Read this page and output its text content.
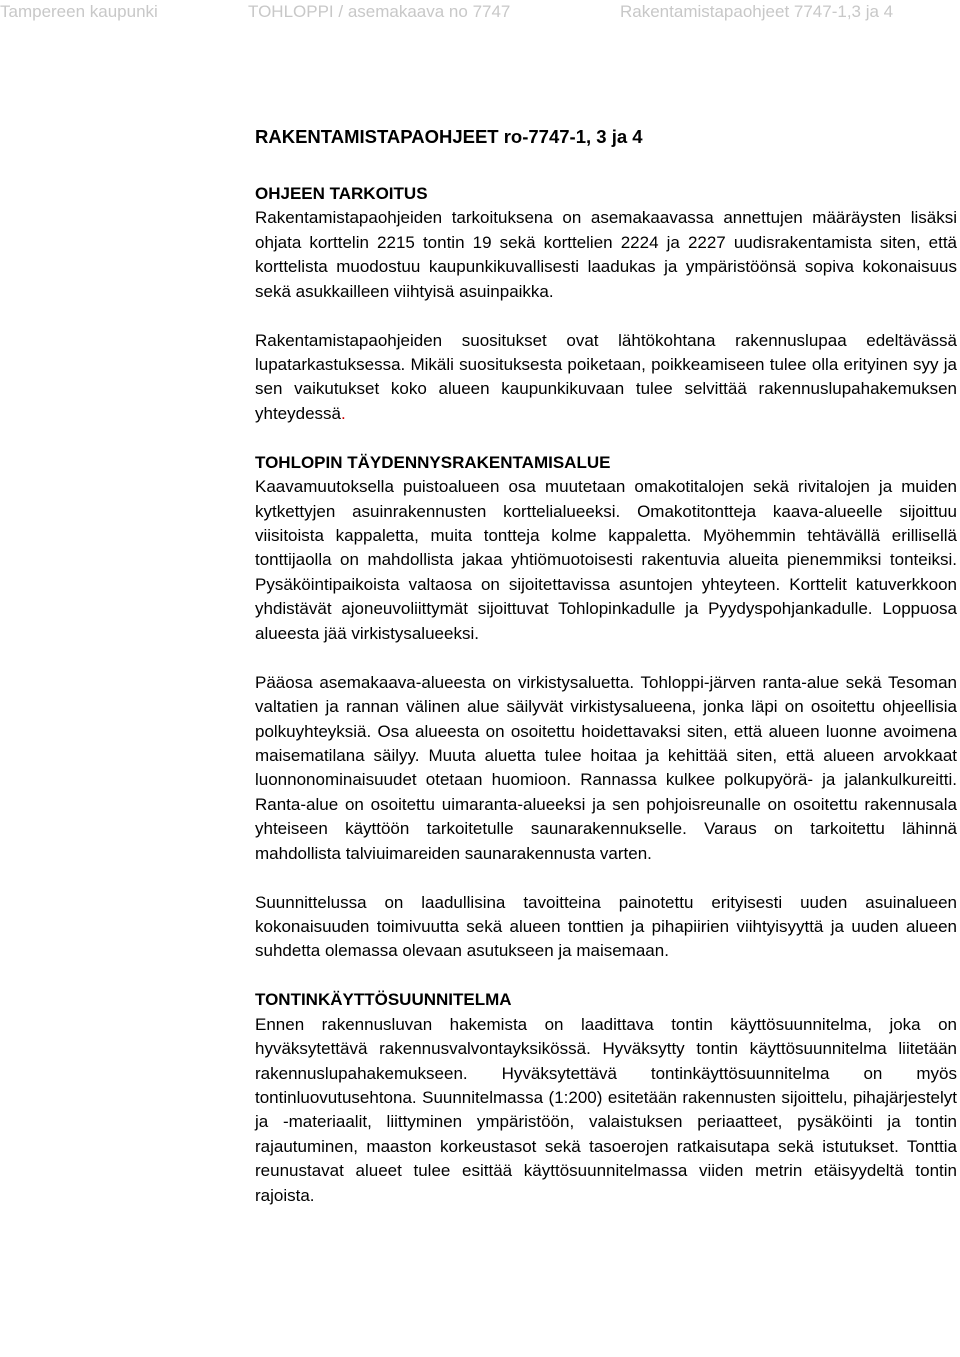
Tampereen kaupunki	TOHLOPPI / asemakaava no 7747	Rakentamistapaohjeet 7747-1,3 ja 4
RAKENTAMISTAPAOHJEET ro-7747-1, 3 ja 4
OHJEEN TARKOITUS

Rakentamistapaohjeiden tarkoituksena on asemakaavassa annettujen määräysten lisäksi ohjata korttelin 2215 tontin 19 sekä korttelien 2224 ja 2227 uudisrakentamista siten, että korttelista muodostuu kaupunkikuvallisesti laadukas ja ympäristöönsä sopiva kokonaisuus sekä asukkailleen viihtyisä asuinpaikka.

Rakentamistapaohjeiden suositukset ovat lähtökohtana rakennuslupaa edeltävässä lupatarkastuksessa. Mikäli suosituksesta poiketaan, poikkeamiseen tulee olla erityinen syy ja sen vaikutukset koko alueen kaupunkikuvaan tulee selvittää rakennuslupahakemuksen yhteydessä.

TOHLOPIN TÄYDENNYSRAKENTAMISALUE

Kaavamuutoksella puistoalueen osa muutetaan omakotitalojen sekä rivitalojen ja muiden kytkettyjen asuinrakennusten korttelialueeksi. Omakotitontteja kaava-alueelle sijoittuu viisitoista kappaletta, muita tontteja kolme kappaletta. Myöhemmin tehtävällä erillisellä tonttijaolla on mahdollista jakaa yhtiömuotoisesti rakentuvia alueita pienemmiksi tonteiksi. Pysäköintipaikoista valtaosa on sijoitettavissa asuntojen yhteyteen. Korttelit katuverkkoon yhdistävät ajoneuvoliittymät sijoittuvat Tohlopinkadulle ja Pyydyspohjankadulle. Loppuosa alueesta jää virkistysalueeksi.

Pääosa asemakaava-alueesta on virkistysaluetta. Tohloppi-järven ranta-alue sekä Tesoman valtatien ja rannan välinen alue säilyvät virkistysalueena, jonka läpi on osoitettu ohjeellisia polkuyhteyksiä. Osa alueesta on osoitettu hoidettavaksi siten, että alueen luonne avoimena maisematilana säilyy. Muuta aluetta tulee hoitaa ja kehittää siten, että alueen arvokkaat luonnonominaisuudet otetaan huomioon. Rannassa kulkee polkupyörä- ja jalankulkureitti. Ranta-alue on osoitettu uimaranta-alueeksi ja sen pohjoisreunalle on osoitettu rakennusala yhteiseen käyttöön tarkoitetulle saunarakennukselle. Varaus on tarkoitettu lähinnä mahdollista talviuimareiden saunarakennusta varten.

Suunnittelussa on laadullisina tavoitteina painotettu erityisesti uuden asuinalueen kokonaisuuden toimivuutta sekä alueen tonttien ja pihapiirien viihtyisyyttä ja uuden alueen suhdetta olemassa olevaan asutukseen ja maisemaan.

TONTINKÄYTTÖSUUNNITELMA

Ennen rakennusluvan hakemista on laadittava tontin käyttösuunnitelma, joka on hyväksytettävä rakennusvalvontayksikössä. Hyväksytty tontin käyttösuunnitelma liitetään rakennuslupahakemukseen. Hyväksytettävä tontinkäyttösuunnitelma on myös tontinluovutusehtona. Suunnitelmassa (1:200) esitetään rakennusten sijoittelu, pihajärjestelyt ja -materiaalit, liittyminen ympäristöön, valaistuksen periaatteet, pysäköinti ja tontin rajautuminen, maaston korkeustasot sekä tasoerojen ratkaisutapa sekä istutukset. Tonttia reunustavat alueet tulee esittää käyttösuunnitelmassa viiden metrin etäisyydeltä tontin rajoista.
